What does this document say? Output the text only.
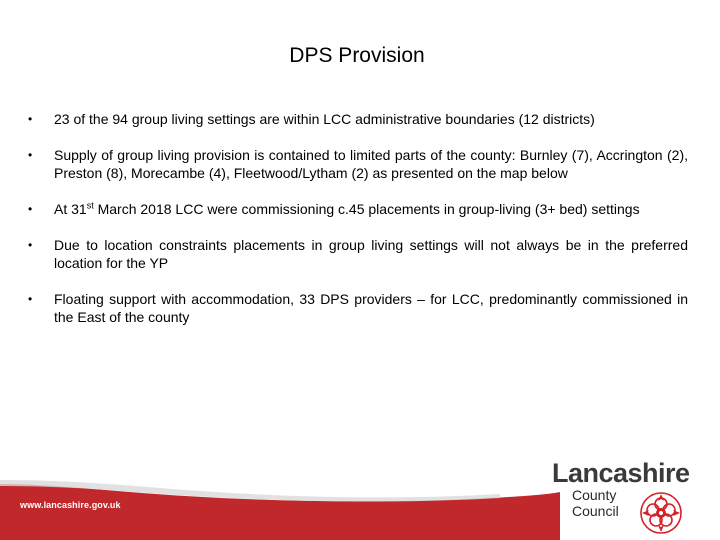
DPS Provision
•	23 of the 94 group living settings are within LCC administrative boundaries (12 districts)
•	Supply of group living provision is contained to limited parts of the county: Burnley (7), Accrington (2), Preston (8), Morecambe (4), Fleetwood/Lytham (2) as presented on the map below
•	At 31st March 2018 LCC were commissioning c.45 placements in group-living (3+ bed) settings
•	Due to location constraints placements in group living settings will not always be in the preferred location for the YP
•	Floating support with accommodation, 33 DPS providers – for LCC, predominantly commissioned in the East of the county
www.lancashire.gov.uk
Lancashire
County
Council
